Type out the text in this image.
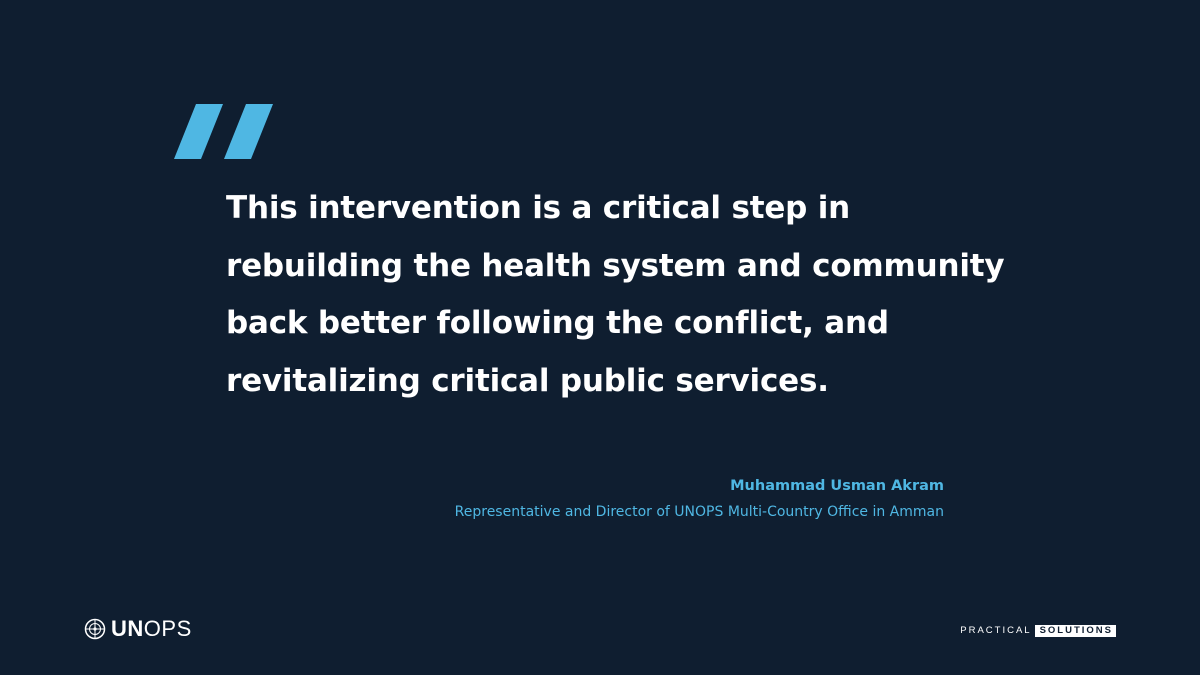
This intervention is a critical step in
rebuilding the health system and community
back better following the conflict, and
revitalizing critical public services.

Muhammad Usman Akram
Representative and Director of UNOPS Multi-Country Office in Amman
UNOPS	PRACTICAL SOLUTIONS
